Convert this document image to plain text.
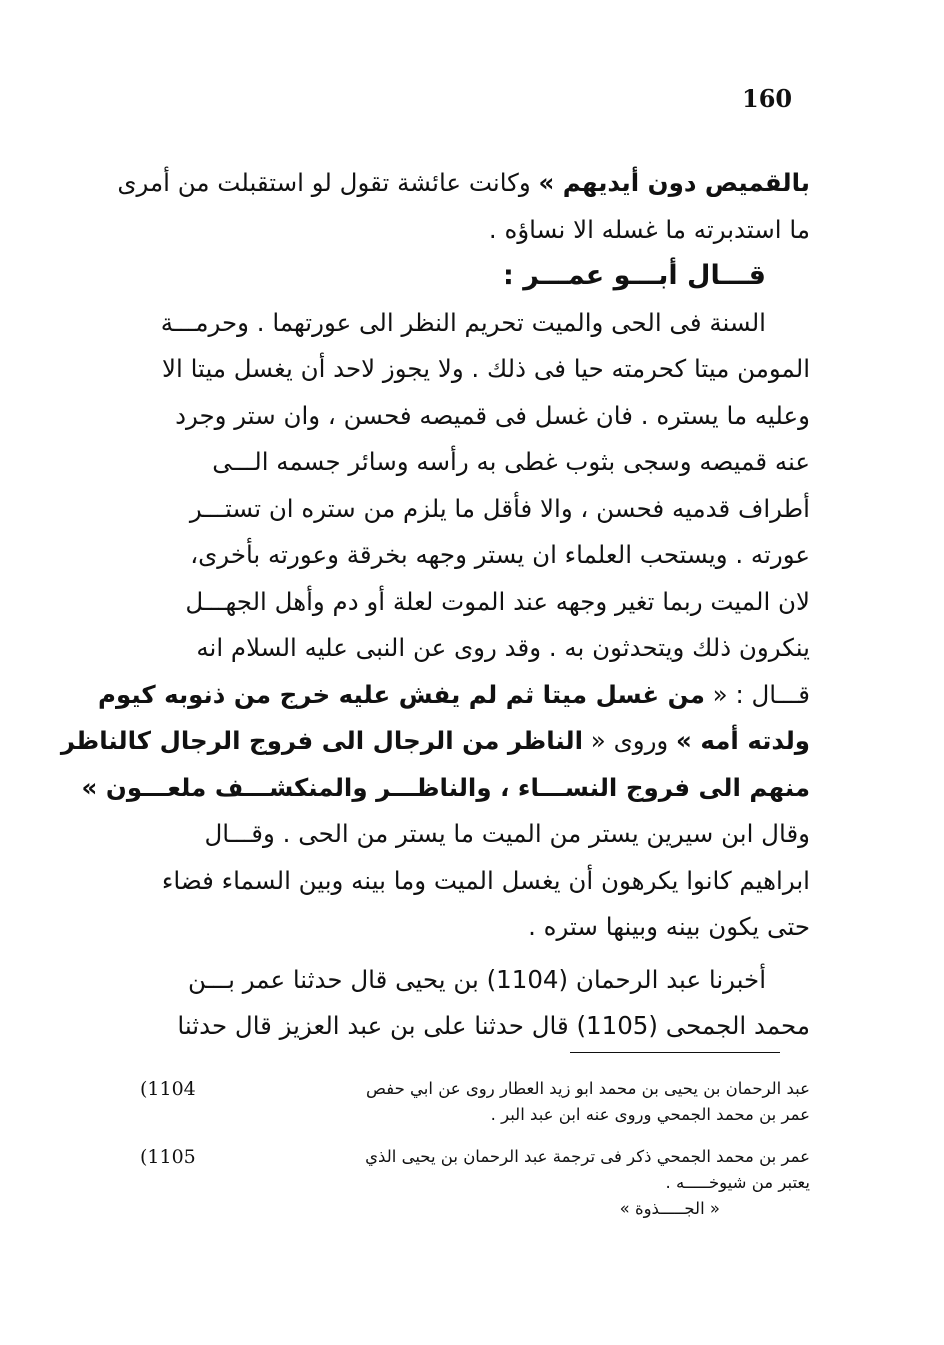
160
بالقميص دون أيديهم » وكانت عائشة تقول لو استقبلت من أمرى
ما استدبرته ما غسله الا نساؤه .
قـــال أبـــو عمـــر :
السنة فى الحى والميت تحريم النظر الى عورتهما . وحرمـــة
المومن ميتا كحرمته حيا فى ذلك . ولا يجوز لاحد أن يغسل ميتا الا
وعليه ما يستره . فان غسل فى قميصه فحسن ، وان ستر وجرد
عنه قميصه وسجى بثوب غطى به رأسه وسائر جسمه الـــى
أطراف قدميه فحسن ، والا فأقل ما يلزم من ستره ان تستـــر
عورته . ويستحب العلماء ان يستر وجهه بخرقة وعورته بأخرى،
لان الميت ربما تغير وجهه عند الموت لعلة أو دم وأهل الجهـــل
ينكرون ذلك ويتحدثون به . وقد روى عن النبى عليه السلام انه
قـــال : « من غسل ميتا ثم لم يفش عليه خرج من ذنوبه كيوم
ولدته أمه » وروى « الناظر من الرجال الى فروج الرجال كالناظر
منهم الى فروج النســـاء ، والناظـــر والمنكشـــف ملعـــون »
وقال ابن سيرين يستر من الميت ما يستر من الحى . وقـــال
ابراهيم كانوا يكرهون أن يغسل الميت وما بينه وبين السماء فضاء
حتى يكون بينه وبينها ستره .
أخبرنا عبد الرحمان (1104) بن يحيى قال حدثنا عمر بـــن
محمد الجمحى (1105) قال حدثنا على بن عبد العزيز قال حدثنا
عبد الرحمان بن يحيى بن محمد ابو زيد العطار روى عن ابي حفص
عمر بن محمد الجمحي وروى عنه ابن عبد البر .
(1104
عمر بن محمد الجمحي ذكر فى ترجمة عبد الرحمان بن يحيى الذي
يعتبر من شيوخـــــه .
« الجـــــذوة »
(1105
